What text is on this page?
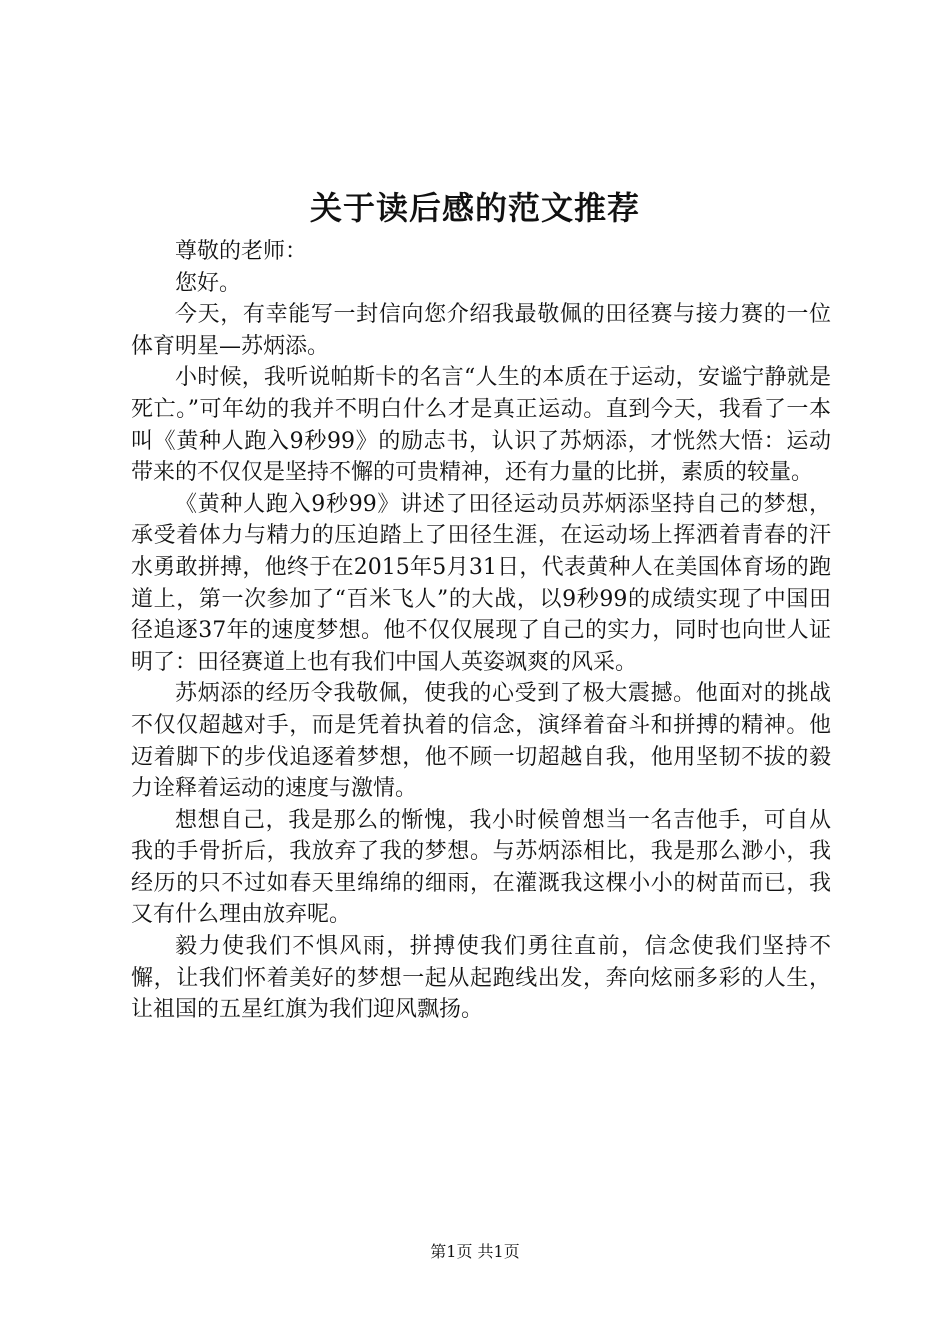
关于读后感的范文推荐

尊敬的老师：

您好。

今天，有幸能写一封信向您介绍我最敬佩的田径赛与接力赛的一位体育明星—苏炳添。

小时候，我听说帕斯卡的名言“人生的本质在于运动，安谧宁静就是死亡。”可年幼的我并不明白什么才是真正运动。直到今天，我看了一本叫《黄种人跑入9秒99》的励志书，认识了苏炳添，才恍然大悟：运动带来的不仅仅是坚持不懈的可贵精神，还有力量的比拼，素质的较量。

《黄种人跑入9秒99》讲述了田径运动员苏炳添坚持自己的梦想，承受着体力与精力的压迫踏上了田径生涯，在运动场上挥洒着青春的汗水勇敢拼搏，他终于在2015年5月31日，代表黄种人在美国体育场的跑道上，第一次参加了“百米飞人”的大战，以9秒99的成绩实现了中国田径追逐37年的速度梦想。他不仅仅展现了自己的实力，同时也向世人证明了：田径赛道上也有我们中国人英姿飒爽的风采。

苏炳添的经历令我敬佩，使我的心受到了极大震撼。他面对的挑战不仅仅超越对手，而是凭着执着的信念，演绎着奋斗和拼搏的精神。他迈着脚下的步伐追逐着梦想，他不顾一切超越自我，他用坚韧不拔的毅力诠释着运动的速度与激情。

想想自己，我是那么的惭愧，我小时候曾想当一名吉他手，可自从我的手骨折后，我放弃了我的梦想。与苏炳添相比，我是那么渺小，我经历的只不过如春天里绵绵的细雨，在灌溉我这棵小小的树苗而已，我又有什么理由放弃呢。

毅力使我们不惧风雨，拼搏使我们勇往直前，信念使我们坚持不懈，让我们怀着美好的梦想一起从起跑线出发，奔向炫丽多彩的人生，让祖国的五星红旗为我们迎风飘扬。

第1页 共1页
